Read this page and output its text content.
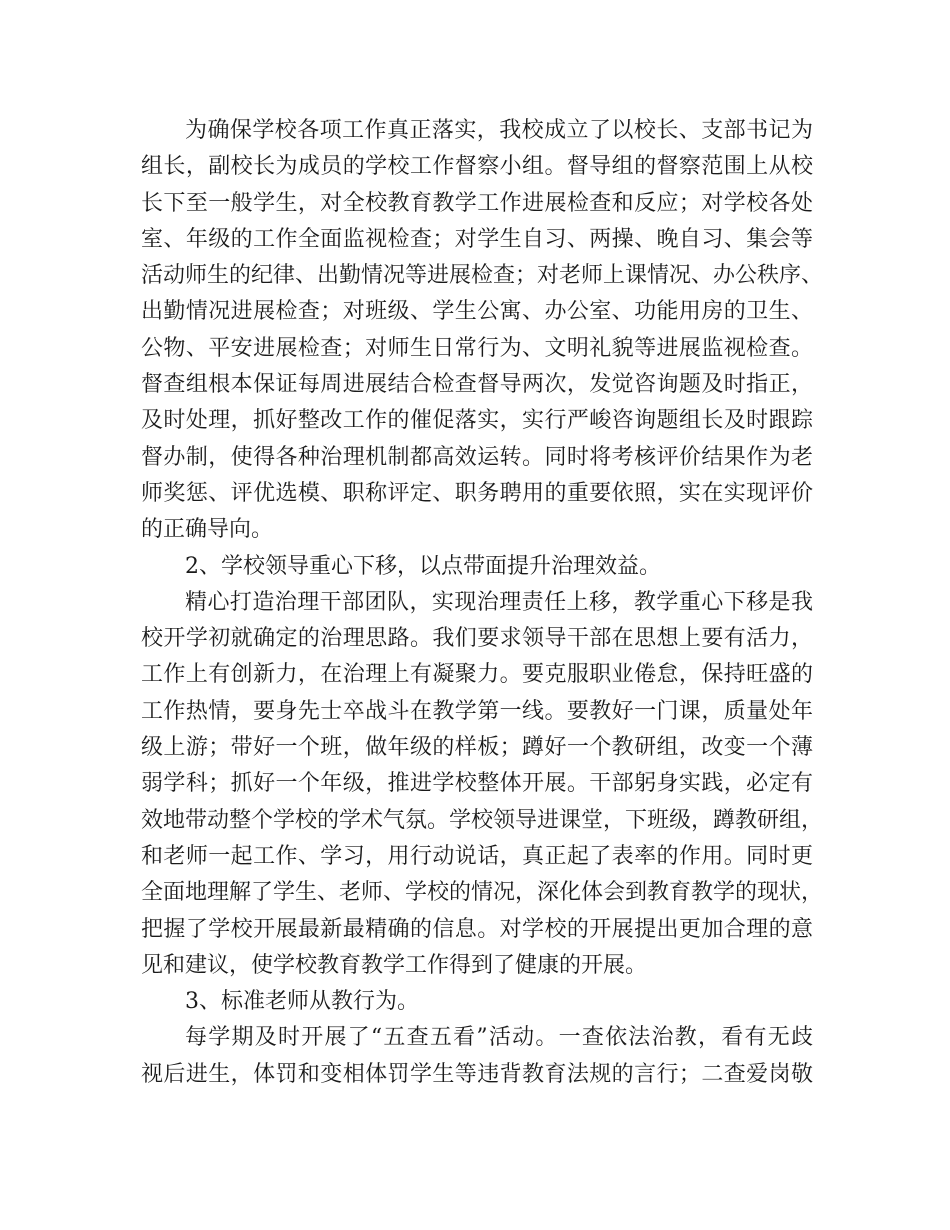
为确保学校各项工作真正落实，我校成立了以校长、支部书记为
组长，副校长为成员的学校工作督察小组。督导组的督察范围上从校
长下至一般学生，对全校教育教学工作进展检查和反应；对学校各处
室、年级的工作全面监视检查；对学生自习、两操、晚自习、集会等
活动师生的纪律、出勤情况等进展检查；对老师上课情况、办公秩序、
出勤情况进展检查；对班级、学生公寓、办公室、功能用房的卫生、
公物、平安进展检查；对师生日常行为、文明礼貌等进展监视检查。
督查组根本保证每周进展结合检查督导两次，发觉咨询题及时指正，
及时处理，抓好整改工作的催促落实，实行严峻咨询题组长及时跟踪
督办制，使得各种治理机制都高效运转。同时将考核评价结果作为老
师奖惩、评优选模、职称评定、职务聘用的重要依照，实在实现评价
的正确导向。
2、学校领导重心下移，以点带面提升治理效益。
精心打造治理干部团队，实现治理责任上移，教学重心下移是我
校开学初就确定的治理思路。我们要求领导干部在思想上要有活力，
工作上有创新力，在治理上有凝聚力。要克服职业倦怠，保持旺盛的
工作热情，要身先士卒战斗在教学第一线。要教好一门课，质量处年
级上游；带好一个班，做年级的样板；蹲好一个教研组，改变一个薄
弱学科；抓好一个年级，推进学校整体开展。干部躬身实践，必定有
效地带动整个学校的学术气氛。学校领导进课堂，下班级，蹲教研组，
和老师一起工作、学习，用行动说话，真正起了表率的作用。同时更
全面地理解了学生、老师、学校的情况，深化体会到教育教学的现状，
把握了学校开展最新最精确的信息。对学校的开展提出更加合理的意
见和建议，使学校教育教学工作得到了健康的开展。
3、标准老师从教行为。
每学期及时开展了“五查五看”活动。一查依法治教，看有无歧
视后进生，体罚和变相体罚学生等违背教育法规的言行；二查爱岗敬
